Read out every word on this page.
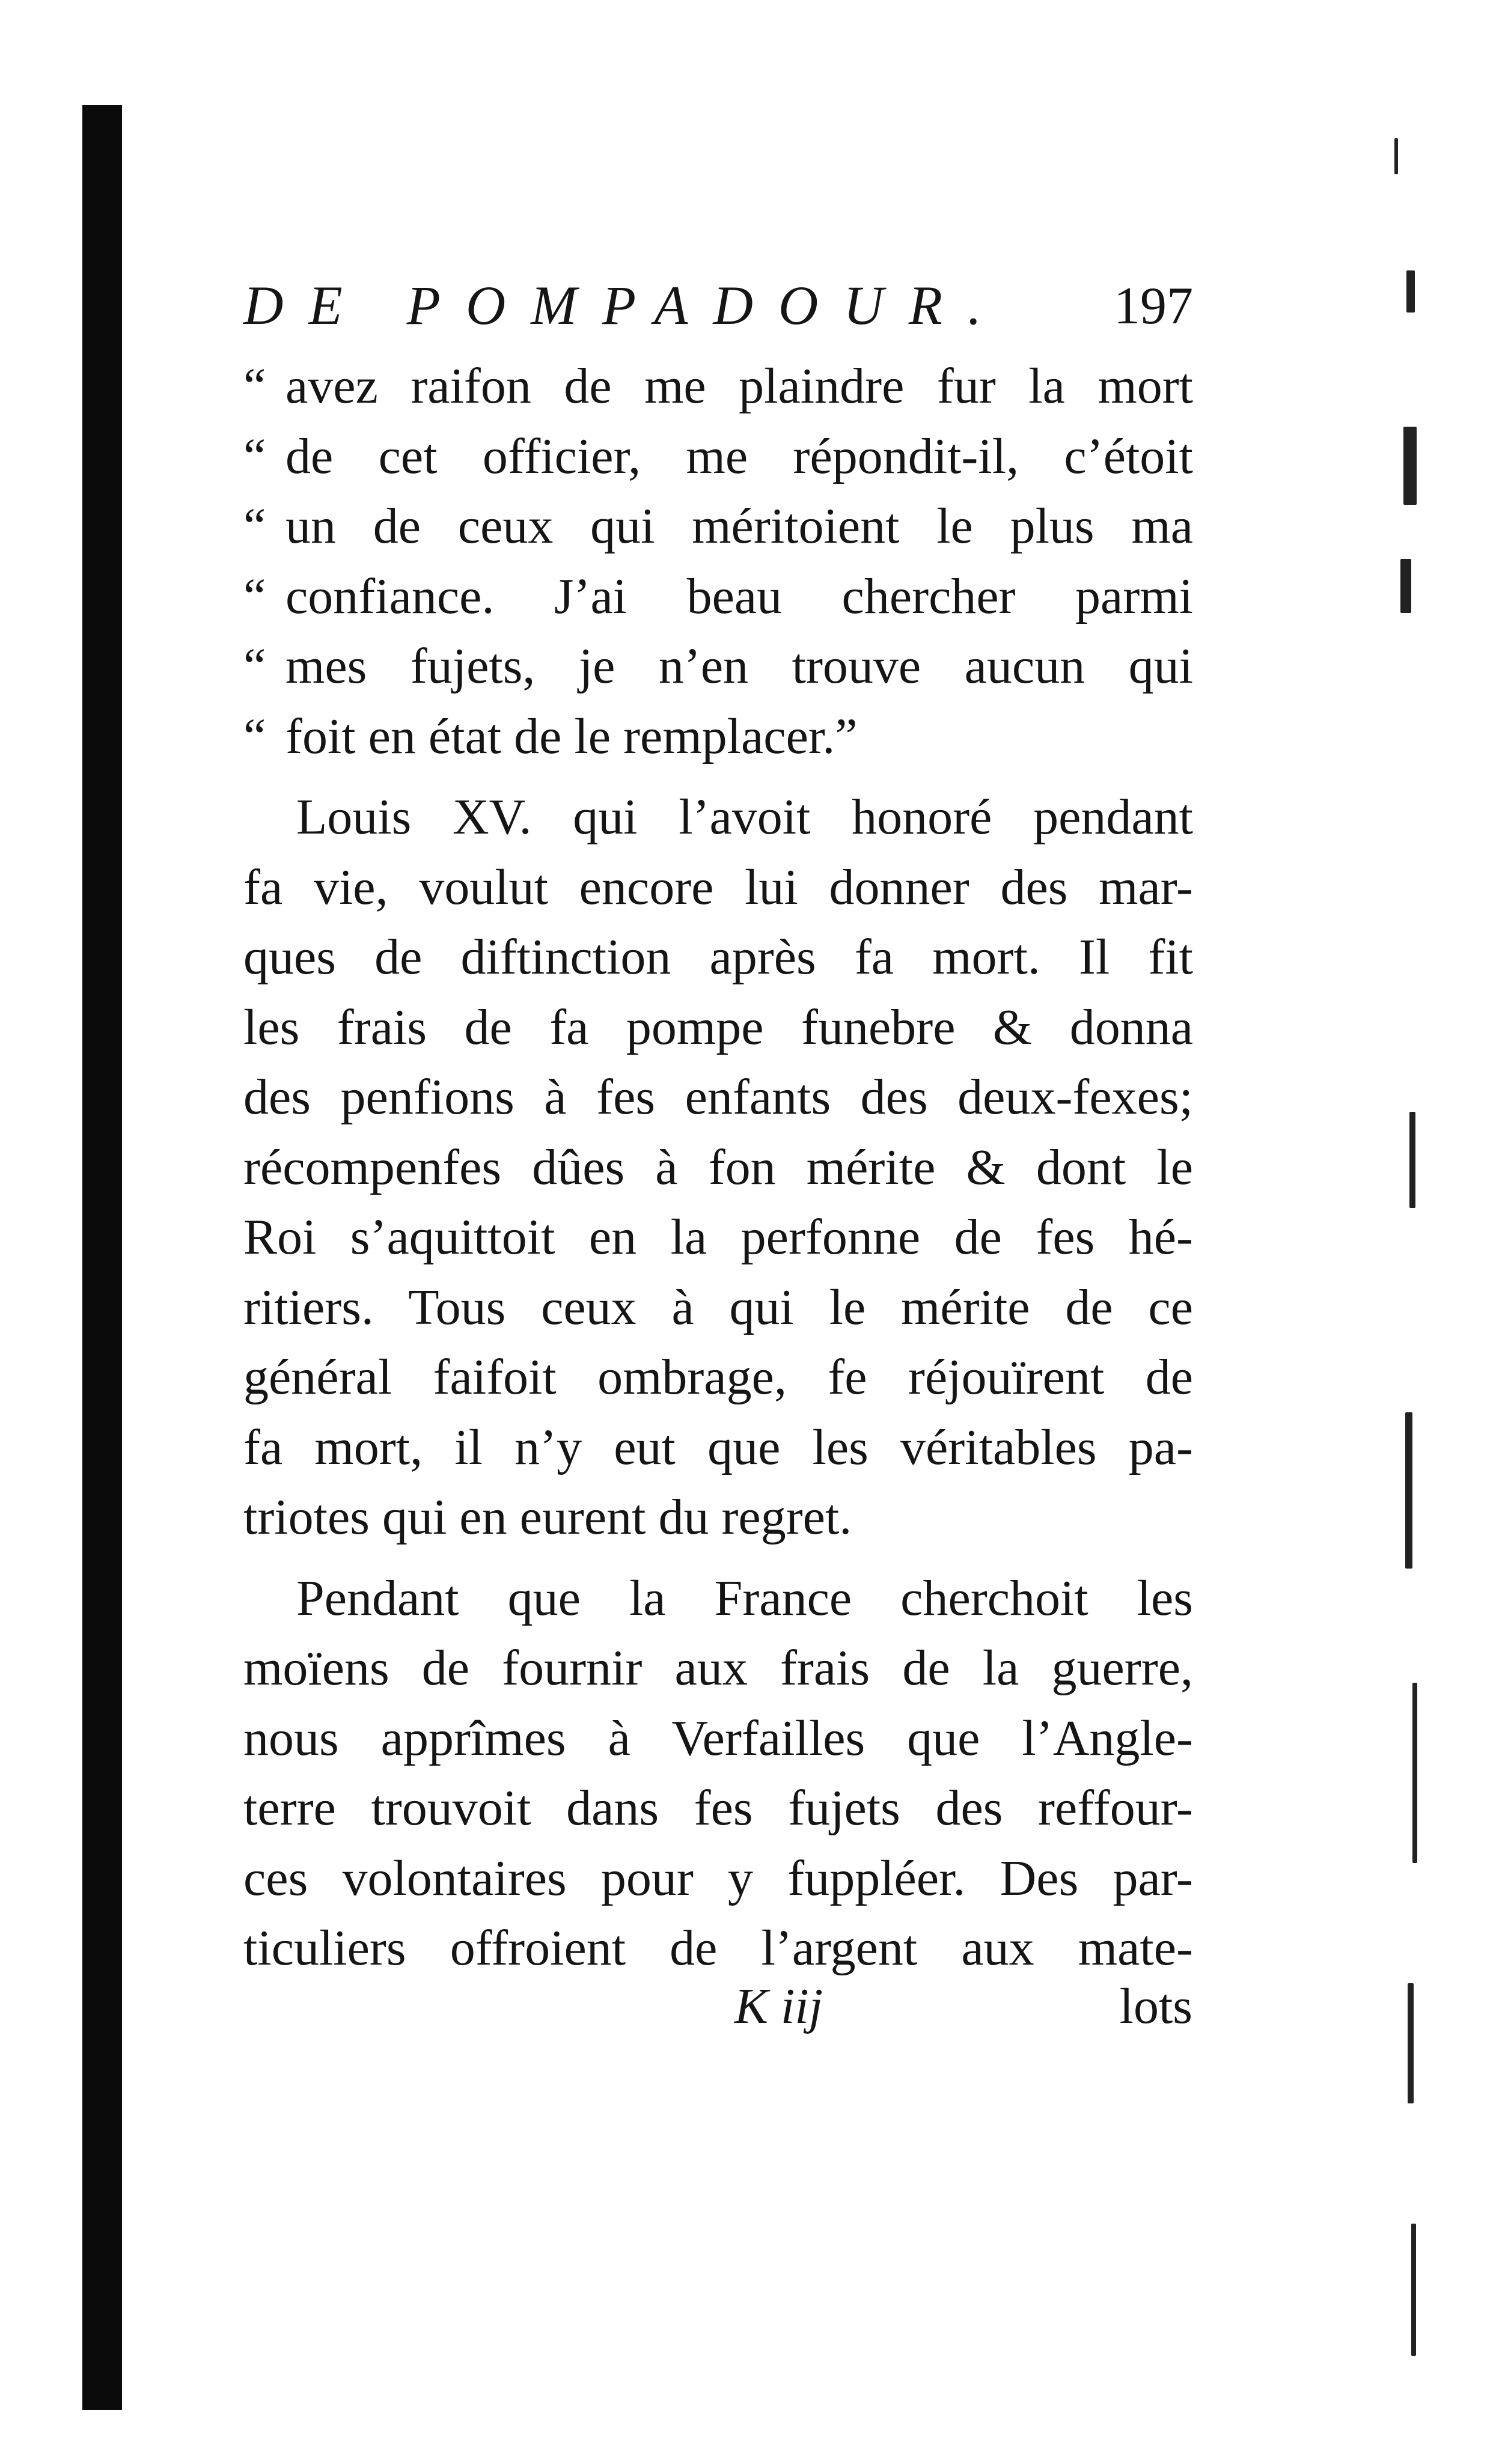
DE POMPADOUR. 197
“ avez raifon de me plaindre fur la mort
“ de cet officier, me répondit-il, c’étoit
“ un de ceux qui méritoient le plus ma
“ confiance. J’ai beau chercher parmi
“ mes fujets, je n’en trouve aucun qui
“ foit en état de le remplacer.”
Louis XV. qui l’avoit honoré pendant
fa vie, voulut encore lui donner des mar-
ques de diftinction après fa mort. Il fit
les frais de fa pompe funebre & donna
des penfions à fes enfants des deux-fexes;
récompenfes dûes à fon mérite & dont le
Roi s’aquittoit en la perfonne de fes hé-
ritiers. Tous ceux à qui le mérite de ce
général faifoit ombrage, fe réjouïrent de
fa mort, il n’y eut que les véritables pa-
triotes qui en eurent du regret.
Pendant que la France cherchoit les
moïens de fournir aux frais de la guerre,
nous apprîmes à Verfailles que l’Angle-
terre trouvoit dans fes fujets des reffour-
ces volontaires pour y fuppléer. Des par-
ticuliers offroient de l’argent aux mate-
K iij	lots
